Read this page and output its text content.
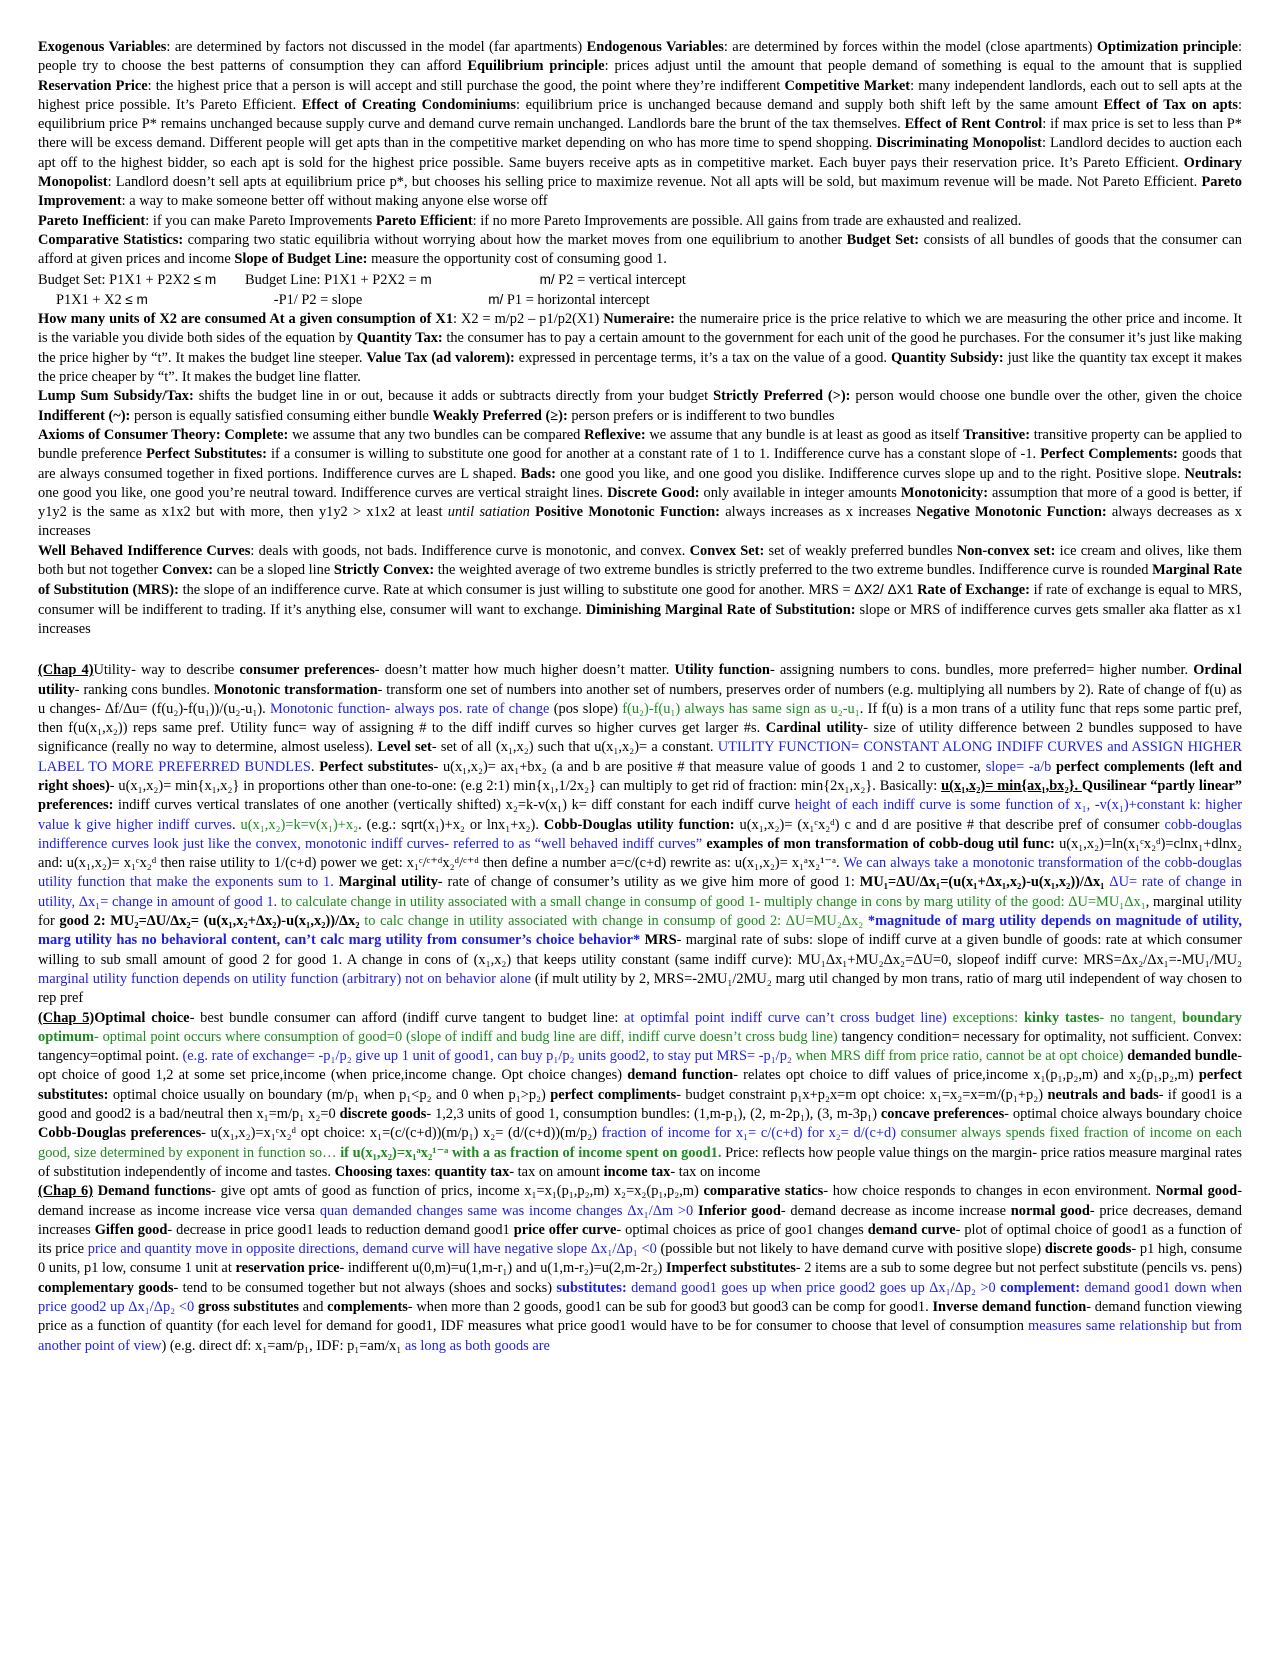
Exogenous Variables: are determined by factors not discussed in the model (far apartments) Endogenous Variables: are determined by forces within the model (close apartments) Optimization principle: people try to choose the best patterns of consumption they can afford Equilibrium principle: prices adjust until the amount that people demand of something is equal to the amount that is supplied Reservation Price: the highest price that a person is will accept and still purchase the good, the point where they’re indifferent Competitive Market: many independent landlords, each out to sell apts at the highest price possible. It’s Pareto Efficient. Effect of Creating Condominiums: equilibrium price is unchanged because demand and supply both shift left by the same amount Effect of Tax on apts: equilibrium price P* remains unchanged because supply curve and demand curve remain unchanged. Landlords bare the brunt of the tax themselves. Effect of Rent Control: if max price is set to less than P* there will be excess demand. Different people will get apts than in the competitive market depending on who has more time to spend shopping. Discriminating Monopolist: Landlord decides to auction each apt off to the highest bidder, so each apt is sold for the highest price possible. Same buyers receive apts as in competitive market. Each buyer pays their reservation price. It’s Pareto Efficient. Ordinary Monopolist: Landlord doesn’t sell apts at equilibrium price p*, but chooses his selling price to maximize revenue. Not all apts will be sold, but maximum revenue will be made. Not Pareto Efficient. Pareto Improvement: a way to make someone better off without making anyone else worse off

Pareto Inefficient: if you can make Pareto Improvements Pareto Efficient: if no more Pareto Improvements are possible. All gains from trade are exhausted and realized.
Comparative Statistics: comparing two static equilibria without worrying about how the market moves from one equilibrium to another Budget Set: consists of all bundles of goods that the consumer can afford at given prices and income Slope of Budget Line: measure the opportunity cost of consuming good 1.

Budget Set: P1X1 + P2X2 ≤ m Budget Line: P1X1 + P2X2 = m	m/ P2 = vertical intercept
P1X1 + X2 ≤ m	-P1/ P2 = slope	m/ P1 = horizontal intercept

How many units of X2 are consumed At a given consumption of X1: X2 = m/p2 – p1/p2(X1) Numeraire: the numeraire price is the price relative to which we are measuring the other price and income. It is the variable you divide both sides of the equation by Quantity Tax: the consumer has to pay a certain amount to the government for each unit of the good he purchases. For the consumer it’s just like making the price higher by “t”. It makes the budget line steeper. Value Tax (ad valorem): expressed in percentage terms, it’s a tax on the value of a good. Quantity Subsidy: just like the quantity tax except it makes the price cheaper by “t”. It makes the budget line flatter.
Lump Sum Subsidy/Tax: shifts the budget line in or out, because it adds or subtracts directly from your budget Strictly Preferred (>): person would choose one bundle over the other, given the choice Indifferent (~): person is equally satisfied consuming either bundle Weakly Preferred (≥): person prefers or is indifferent to two bundles
Axioms of Consumer Theory: Complete: we assume that any two bundles can be compared Reflexive: we assume that any bundle is at least as good as itself Transitive: transitive property can be applied to bundle preference Perfect Substitutes: if a consumer is willing to substitute one good for another at a constant rate of 1 to 1. Indifference curve has a constant slope of -1. Perfect Complements: goods that are always consumed together in fixed portions. Indifference curves are L shaped. Bads: one good you like, and one good you dislike. Indifference curves slope up and to the right. Positive slope. Neutrals: one good you like, one good you’re neutral toward. Indifference curves are vertical straight lines. Discrete Good: only available in integer amounts Monotonicity: assumption that more of a good is better, if y1y2 is the same as x1x2 but with more, then y1y2 > x1x2 at least until satiation Positive Monotonic Function: always increases as x increases Negative Monotonic Function: always decreases as x increases
Well Behaved Indifference Curves: deals with goods, not bads. Indifference curve is monotonic, and convex. Convex Set: set of weakly preferred bundles Non-convex set: ice cream and olives, like them both but not together Convex: can be a sloped line Strictly Convex: the weighted average of two extreme bundles is strictly preferred to the two extreme bundles. Indifference curve is rounded Marginal Rate of Substitution (MRS): the slope of an indifference curve. Rate at which consumer is just willing to substitute one good for another. MRS = ΔX2/ ΔX1 Rate of Exchange: if rate of exchange is equal to MRS, consumer will be indifferent to trading. If it’s anything else, consumer will want to exchange. Diminishing Marginal Rate of Substitution: slope or MRS of indifference curves gets smaller aka flatter as x1 increases

(Chap 4)Utility- way to describe consumer preferences- doesn’t matter how much higher doesn’t matter. Utility function- assigning numbers to cons. bundles, more preferred= higher number. Ordinal utility- ranking cons bundles. Monotonic transformation- transform one set of numbers into another set of numbers, preserves order of numbers (e.g. multiplying all numbers by 2). Rate of change of f(u) as u changes- Δf/Δu= (f(u₂)-f(u₁))/(u₂-u₁). Monotonic function- always pos. rate of change (pos slope) f(u₂)-f(u₁) always has same sign as u₂-u₁. If f(u) is a mon trans of a utility func that reps some partic pref, then f(u(x₁,x₂)) reps same pref. Utility func= way of assigning # to the diff indiff curves so higher curves get larger #s. Cardinal utility- size of utility difference between 2 bundles supposed to have significance (really no way to determine, almost useless). Level set- set of all (x₁,x₂) such that u(x₁,x₂)= a constant. UTILITY FUNCTION= CONSTANT ALONG INDIFF CURVES and ASSIGN HIGHER LABEL TO MORE PREFERRED BUNDLES. Perfect substitutes- u(x₁,x₂)= ax₁+bx₂ (a and b are positive # that measure value of goods 1 and 2 to customer, slope= -a/b perfect complements (left and right shoes)- u(x₁,x₂)= min{x₁,x₂} in proportions other than one-to-one: (e.g 2:1) min{x₁,1/2x₂} can multiply to get rid of fraction: min{2x₁,x₂}. Basically: u(x₁,x₂)= min{ax₁,bx₂}. Qusilinear “partly linear” preferences: indiff curves vertical translates of one another (vertically shifted) x₂=k-v(x₁) k= diff constant for each indiff curve height of each indiff curve is some function of x₁, -v(x₁)+constant k: higher value k give higher indiff curves. u(x₁,x₂)=k=v(x₁)+x₂. (e.g.: sqrt(x₁)+x₂ or lnx₁+x₂). Cobb-Douglas utility function: u(x₁,x₂)= (x₁ᶜx₂ᵈ) c and d are positive # that describe pref of consumer cobb-douglas indifference curves look just like the convex, monotonic indiff curves- referred to as “well behaved indiff curves” examples of mon transformation of cobb-doug util func: u(x₁,x₂)=ln(x₁ᶜx₂ᵈ)=clnx₁+dlnx₂ and: u(x₁,x₂)= x₁ᶜx₂ᵈ then raise utility to 1/(c+d) power we get: x₁ᶜ/ᶜ⁺ᵈx₂ᵈ/ᶜ⁺ᵈ then define a number a=c/(c+d) rewrite as: u(x₁,x₂)= x₁ᵃx₂¹⁻ᵃ. We can always take a monotonic transformation of the cobb-douglas utility function that make the exponents sum to 1. Marginal utility- rate of change of consumer’s utility as we give him more of good 1: MU₁=ΔU/Δx₁=(u(x₁+Δx₁,x₂)-u(x₁,x₂))/Δx₁ ΔU= rate of change in utility, Δx₁= change in amount of good 1. to calculate change in utility associated with a small change in consump of good 1- multiply change in cons by marg utility of the good: ΔU=MU₁Δx₁, marginal utility for good 2: MU₂=ΔU/Δx₂= (u(x₁,x₂+Δx₂)-u(x₁,x₂))/Δx₂ to calc change in utility associated with change in consump of good 2: ΔU=MU₂Δx₂ *magnitude of marg utility depends on magnitude of utility, marg utility has no behavioral content, can’t calc marg utility from consumer’s choice behavior* MRS- marginal rate of subs: slope of indiff curve at a given bundle of goods: rate at which consumer willing to sub small amount of good 2 for good 1. A change in cons of (x₁,x₂) that keeps utility constant (same indiff curve): MU₁Δx₁+MU₂Δx₂=ΔU=0, slopeof indiff curve: MRS=Δx₂/Δx₁=-MU₁/MU₂ marginal utility function depends on utility function (arbitrary) not on behavior alone (if mult utility by 2, MRS=-2MU₁/2MU₂ marg util changed by mon trans, ratio of marg util independent of way chosen to rep pref

(Chap 5)Optimal choice- best bundle consumer can afford (indiff curve tangent to budget line: at optimfal point indiff curve can’t cross budget line) exceptions: kinky tastes- no tangent, boundary optimum- optimal point occurs where consumption of good=0 (slope of indiff and budg line are diff, indiff curve doesn’t cross budg line) tangency condition= necessary for optimality, not sufficient. Convex: tangency=optimal point. (e.g. rate of exchange= -p₁/p₂ give up 1 unit of good1, can buy p₁/p₂ units good2, to stay put MRS= -p₁/p₂ when MRS diff from price ratio, cannot be at opt choice) demanded bundle- opt choice of good 1,2 at some set price,income (when price,income change. Opt choice changes) demand function- relates opt choice to diff values of price,income x₁(p₁,p₂,m) and x₂(p₁,p₂,m) perfect substitutes: optimal choice usually on boundary (m/p₁ when p₁<p₂ and 0 when p₁>p₂) perfect compliments- budget constraint p₁x+p₂x=m opt choice: x₁=x₂=x=m/(p₁+p₂) neutrals and bads- if good1 is a good and good2 is a bad/neutral then x₁=m/p₁ x₂=0 discrete goods- 1,2,3 units of good 1, consumption bundles: (1,m-p₁), (2, m-2p₁), (3, m-3p₁) concave preferences- optimal choice always boundary choice Cobb-Douglas preferences- u(x₁,x₂)=x₁ᶜx₂ᵈ opt choice: x₁=(c/(c+d))(m/p₁) x₂= (d/(c+d))(m/p₂) fraction of income for x₁= c/(c+d) for x₂= d/(c+d) consumer always spends fixed fraction of income on each good, size determined by exponent in function so… if u(x₁,x₂)=x₁ᵃx₂¹⁻ᵃ with a as fraction of income spent on good1. Price: reflects how people value things on the margin- price ratios measure marginal rates of substitution independently of income and tastes. Choosing taxes: quantity tax- tax on amount income tax- tax on income

(Chap 6) Demand functions- give opt amts of good as function of prics, income x₁=x₁(p₁,p₂,m) x₂=x₂(p₁,p₂,m) comparative statics- how choice responds to changes in econ environment. Normal good- demand increase as income increase vice versa quan demanded changes same was income changes Δx₁/Δm >0 Inferior good- demand decrease as income increase normal good- price decreases, demand increases Giffen good- decrease in price good1 leads to reduction demand good1 price offer curve- optimal choices as price of goo1 changes demand curve- plot of optimal choice of good1 as a function of its price price and quantity move in opposite directions, demand curve will have negative slope Δx₁/Δp₁ <0 (possible but not likely to have demand curve with positive slope) discrete goods- p1 high, consume 0 units, p1 low, consume 1 unit at reservation price- indifferent u(0,m)=u(1,m-r₁) and u(1,m-r₂)=u(2,m-2r₂) Imperfect substitutes- 2 items are a sub to some degree but not perfect substitute (pencils vs. pens) complementary goods- tend to be consumed together but not always (shoes and socks) substitutes: demand good1 goes up when price good2 goes up Δx₁/Δp₂ >0 complement: demand good1 down when price good2 up Δx₁/Δp₂ <0 gross substitutes and complements- when more than 2 goods, good1 can be sub for good3 but good3 can be comp for good1. Inverse demand function- demand function viewing price as a function of quantity (for each level for demand for good1, IDF measures what price good1 would have to be for consumer to choose that level of consumption measures same relationship but from another point of view) (e.g. direct df: x₁=am/p₁, IDF: p₁=am/x₁ as long as both goods are
